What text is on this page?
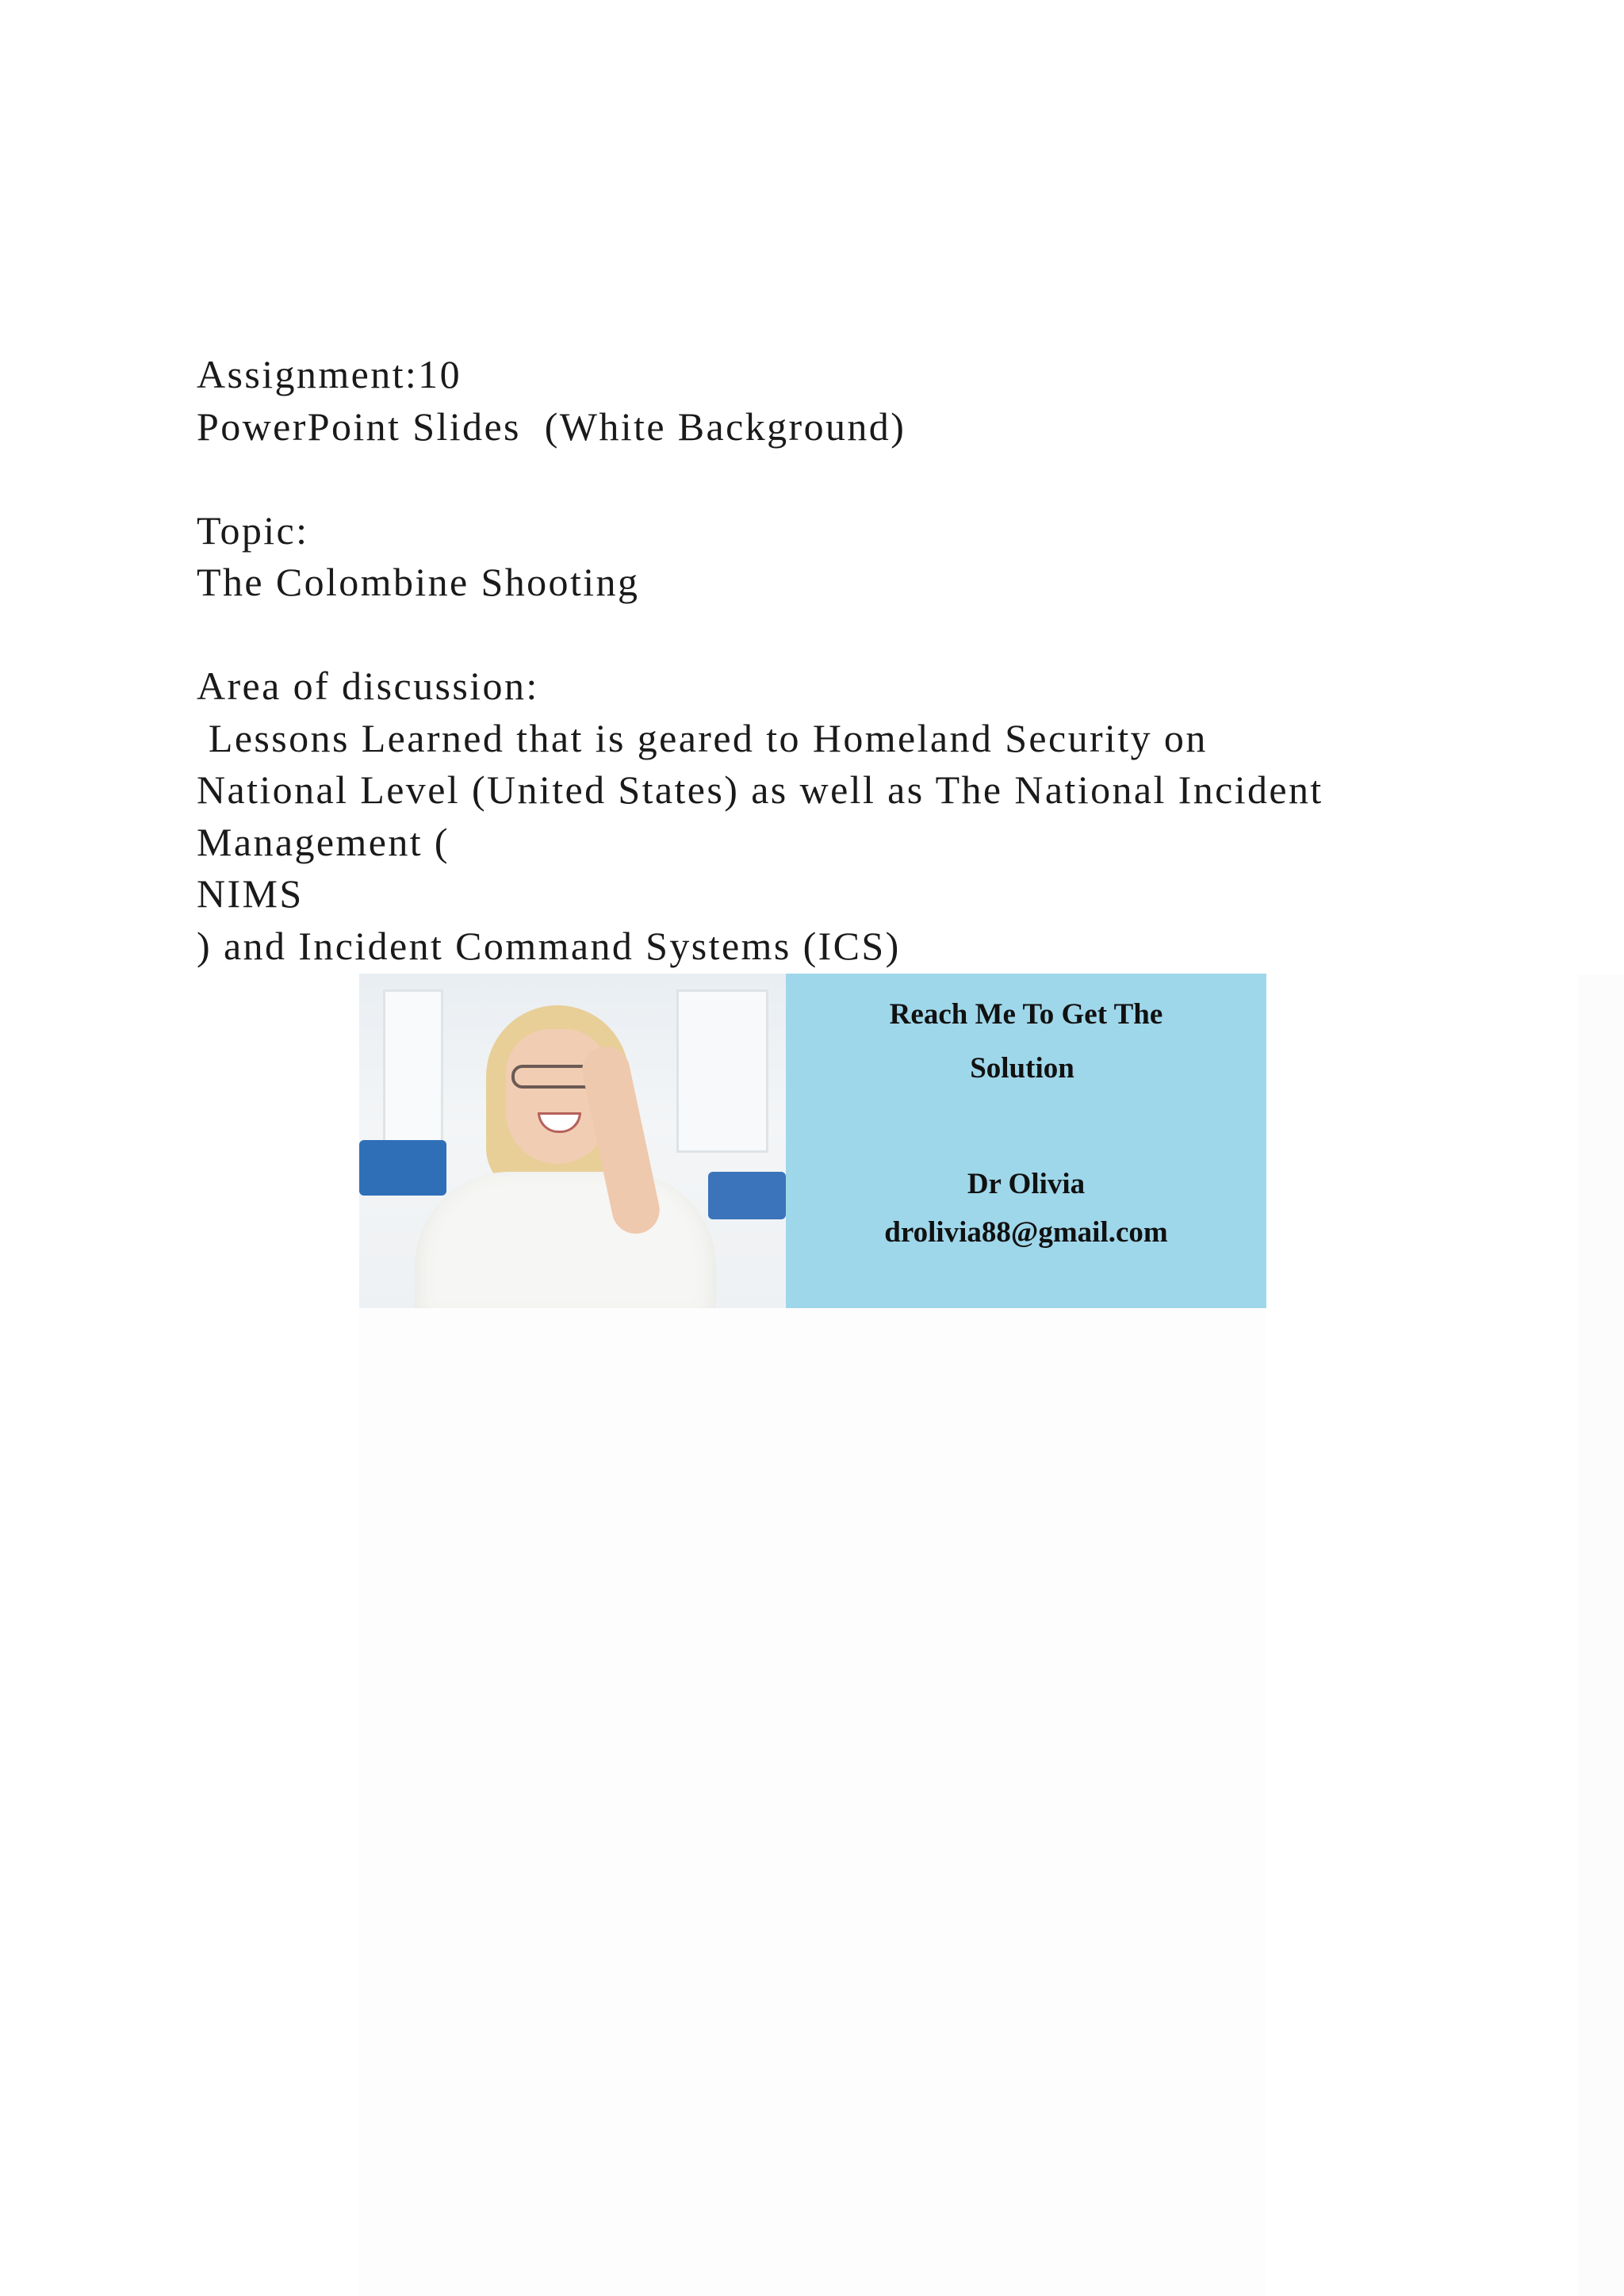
Assignment:10
PowerPoint Slides  (White Background)
Topic:
The Colombine Shooting
Area of discussion:
Lessons Learned that is geared to Homeland Security on
National Level (United States) as well as The National Incident
Management (
NIMS
) and Incident Command Systems (ICS)
Reach Me To Get The
Solution
Dr Olivia
drolivia88@gmail.com
